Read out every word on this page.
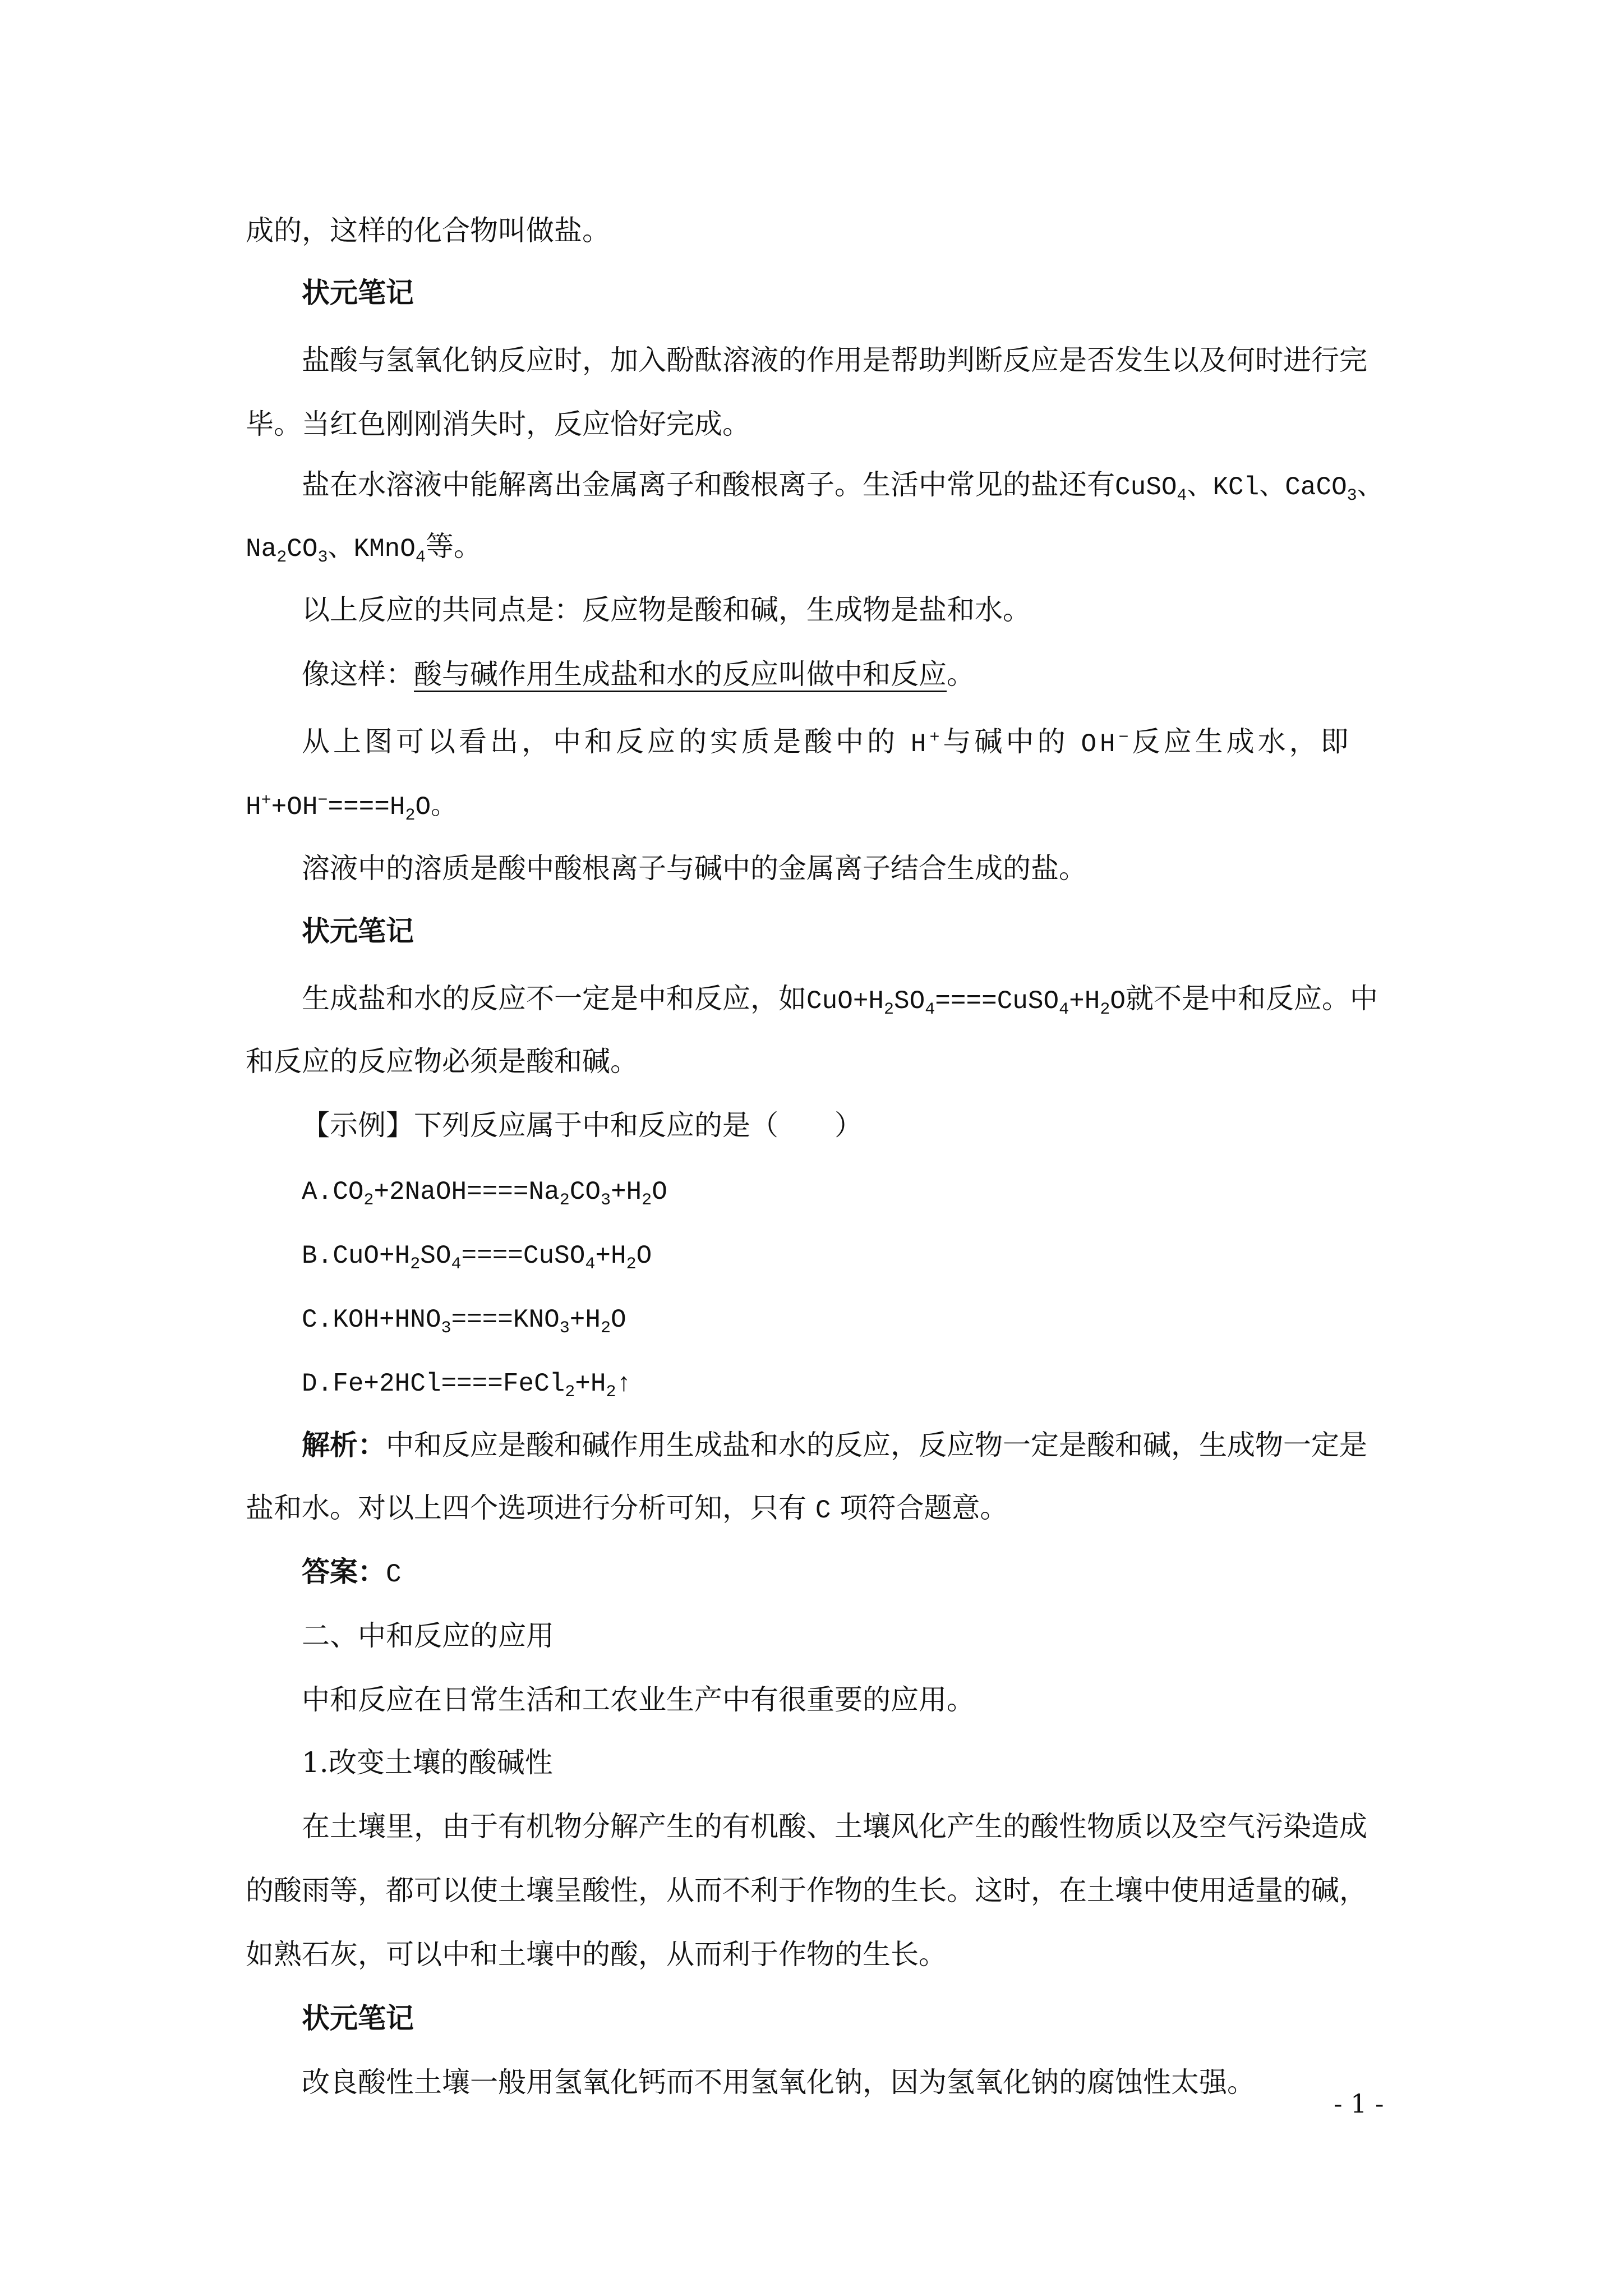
成的，这样的化合物叫做盐。
状元笔记
盐酸与氢氧化钠反应时，加入酚酞溶液的作用是帮助判断反应是否发生以及何时进行完
毕。当红色刚刚消失时，反应恰好完成。
盐在水溶液中能解离出金属离子和酸根离子。生活中常见的盐还有CuSO$_4$、KCl、CaCO$_3$、
$Na_2CO_3$、KMnO$_4$等。
以上反应的共同点是：反应物是酸和碱，生成物是盐和水。
像这样：酸与碱作用生成盐和水的反应叫做中和反应。
从上图可以看出，中和反应的实质是酸中的 H+与碱中的 OH−反应生成水，即
$H^++OH^-====H_2O$。
溶液中的溶质是酸中酸根离子与碱中的金属离子结合生成的盐。
状元笔记
生成盐和水的反应不一定是中和反应，如$CuO+H_2SO_4====CuSO_4+H_2O$就不是中和反应。中
和反应的反应物必须是酸和碱。
【示例】下列反应属于中和反应的是（　　）
$A.CO_2+2NaOH====Na_2CO_3+H_2O$
$B.CuO+H_2SO_4====CuSO_4+H_2O$
$C.KOH+HNO_3====KNO_3+H_2O$
$D.Fe+2HCl====FeCl_2+H_2↑$
解析：中和反应是酸和碱作用生成盐和水的反应，反应物一定是酸和碱，生成物一定是
盐和水。对以上四个选项进行分析可知，只有 C 项符合题意。
答案：C
二、中和反应的应用
中和反应在日常生活和工农业生产中有很重要的应用。
1.改变土壤的酸碱性
在土壤里，由于有机物分解产生的有机酸、土壤风化产生的酸性物质以及空气污染造成
的酸雨等，都可以使土壤呈酸性，从而不利于作物的生长。这时，在土壤中使用适量的碱，
如熟石灰，可以中和土壤中的酸，从而利于作物的生长。
状元笔记
改良酸性土壤一般用氢氧化钙而不用氢氧化钠，因为氢氧化钠的腐蚀性太强。
- 1 -
